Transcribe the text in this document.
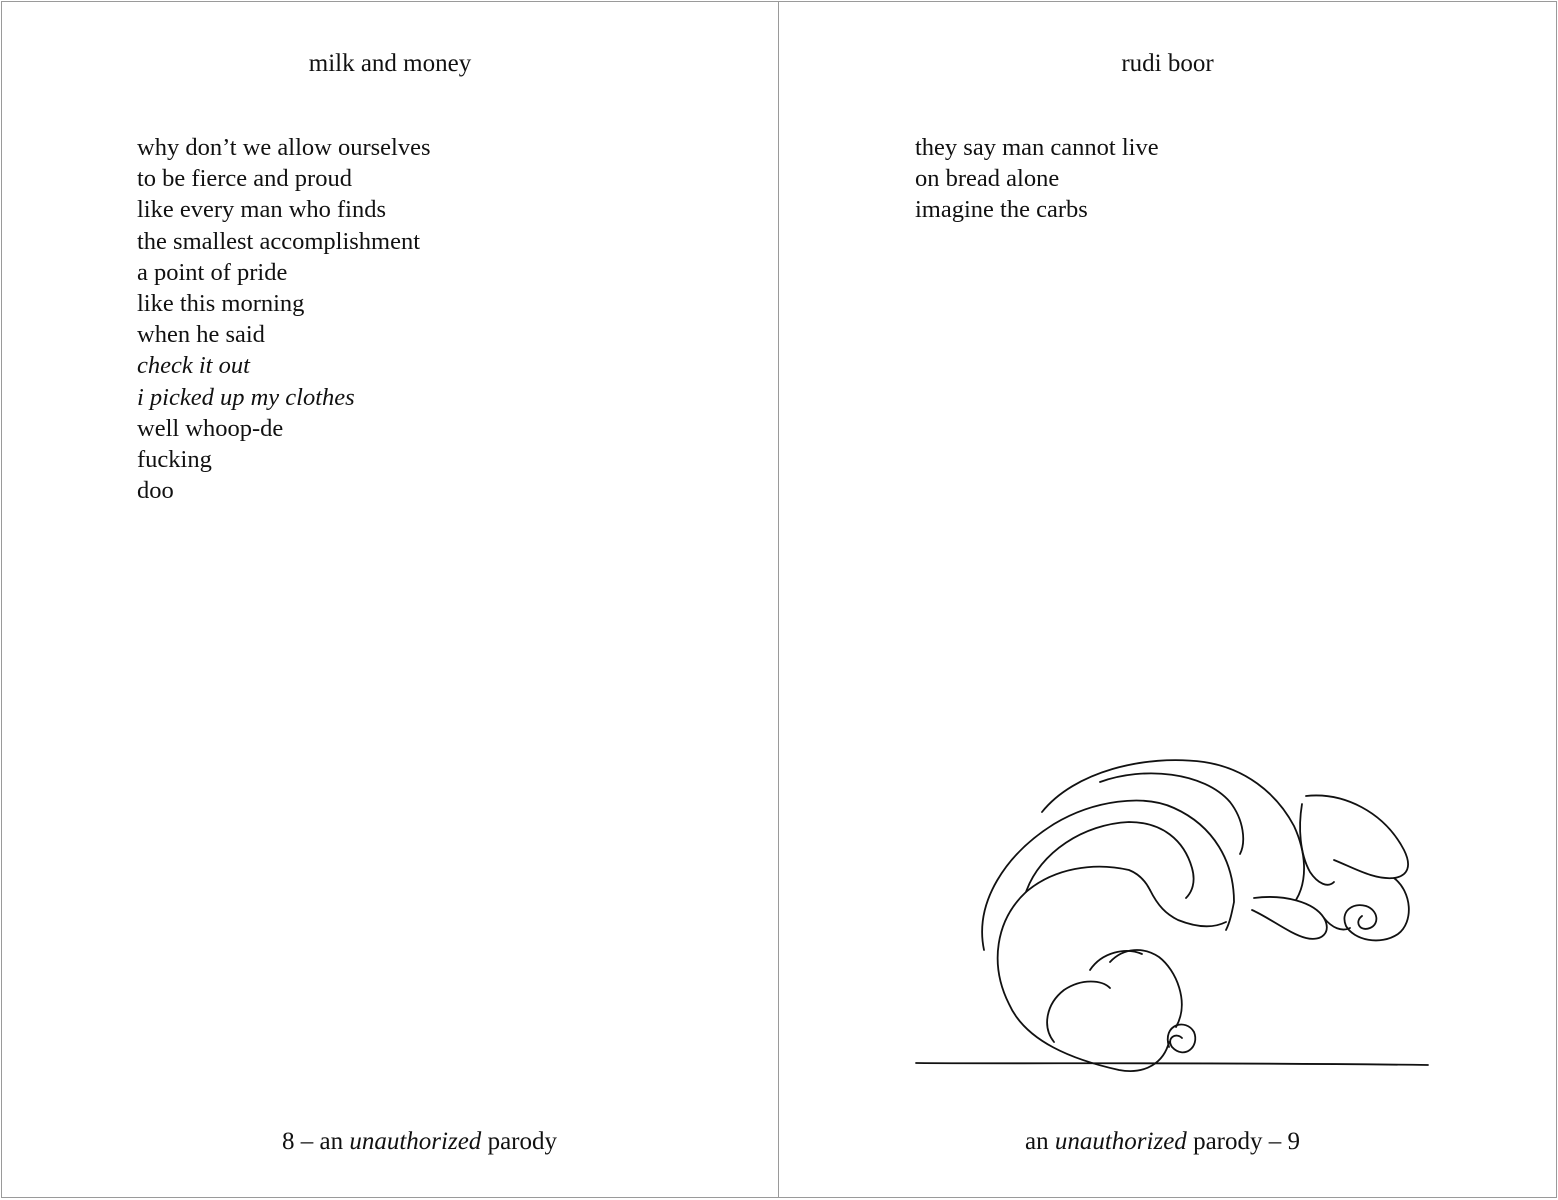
milk and money
why don’t we allow ourselves
to be fierce and proud
like every man who finds
the smallest accomplishment
a point of pride
like this morning
when he said
check it out
i picked up my clothes
well whoop-de
fucking
doo
8 – an unauthorized parody
rudi boor
they say man cannot live
on bread alone
imagine the carbs
an unauthorized parody – 9
